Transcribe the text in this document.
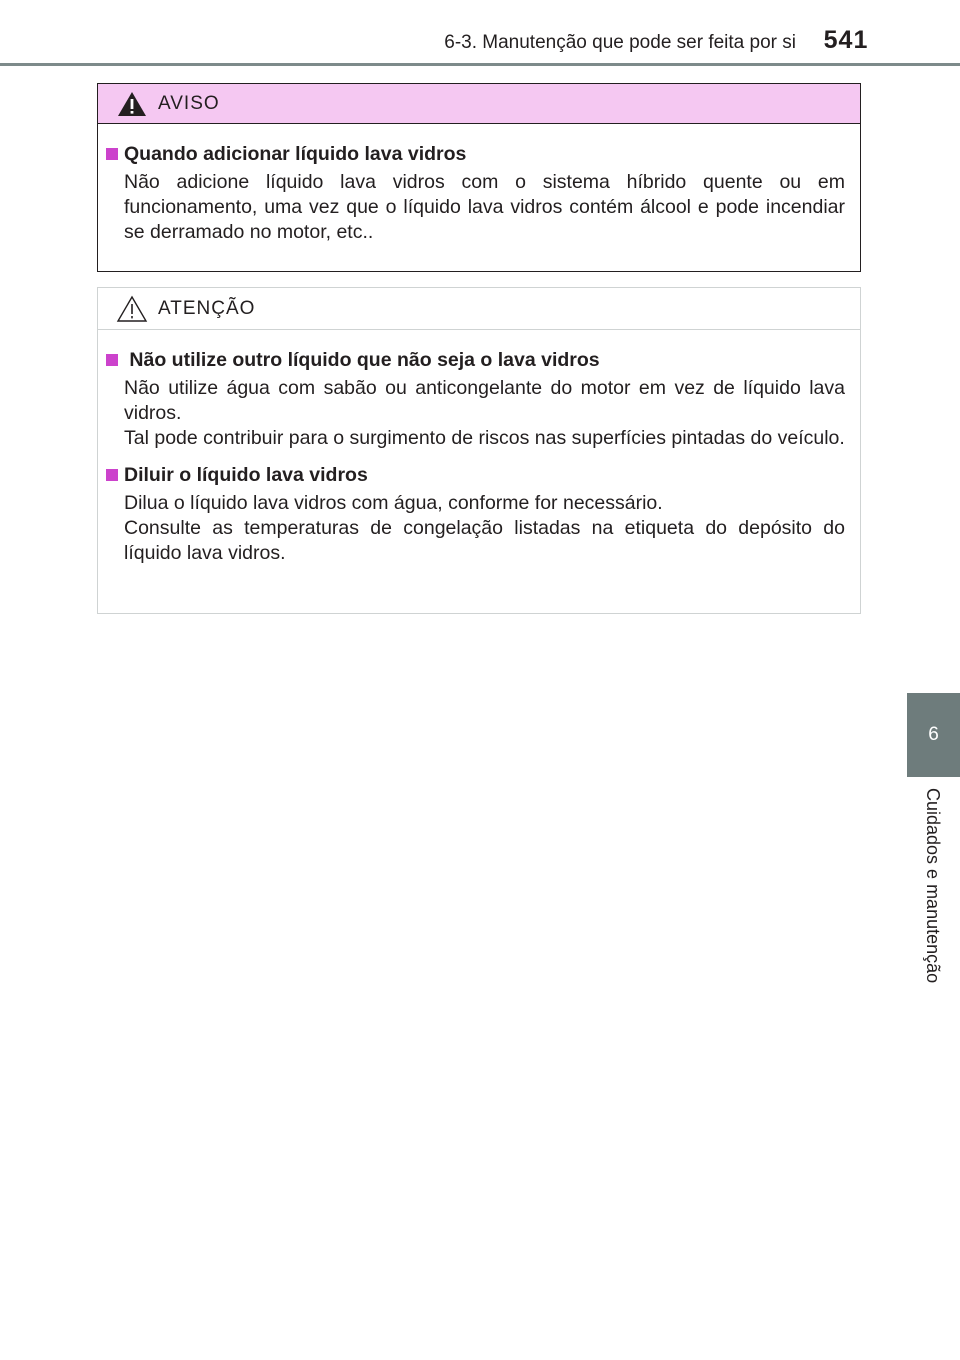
6-3. Manutenção que pode ser feita por si	541
6
Cuidados e manutenção
AVISO
Quando adicionar líquido lava vidros

Não adicione líquido lava vidros com o sistema híbrido quente ou em funcionamento, uma vez que o líquido lava vidros contém álcool e pode incendiar se derramado no motor, etc..

ATENÇÃO
Não utilize outro líquido que não seja o lava vidros

Não utilize água com sabão ou anticongelante do motor em vez de líquido lava vidros.

Tal pode contribuir para o surgimento de riscos nas superfícies pintadas do veículo.

Diluir o líquido lava vidros

Dilua o líquido lava vidros com água, conforme for necessário.

Consulte as temperaturas de congelação listadas na etiqueta do depósito do líquido lava vidros.
